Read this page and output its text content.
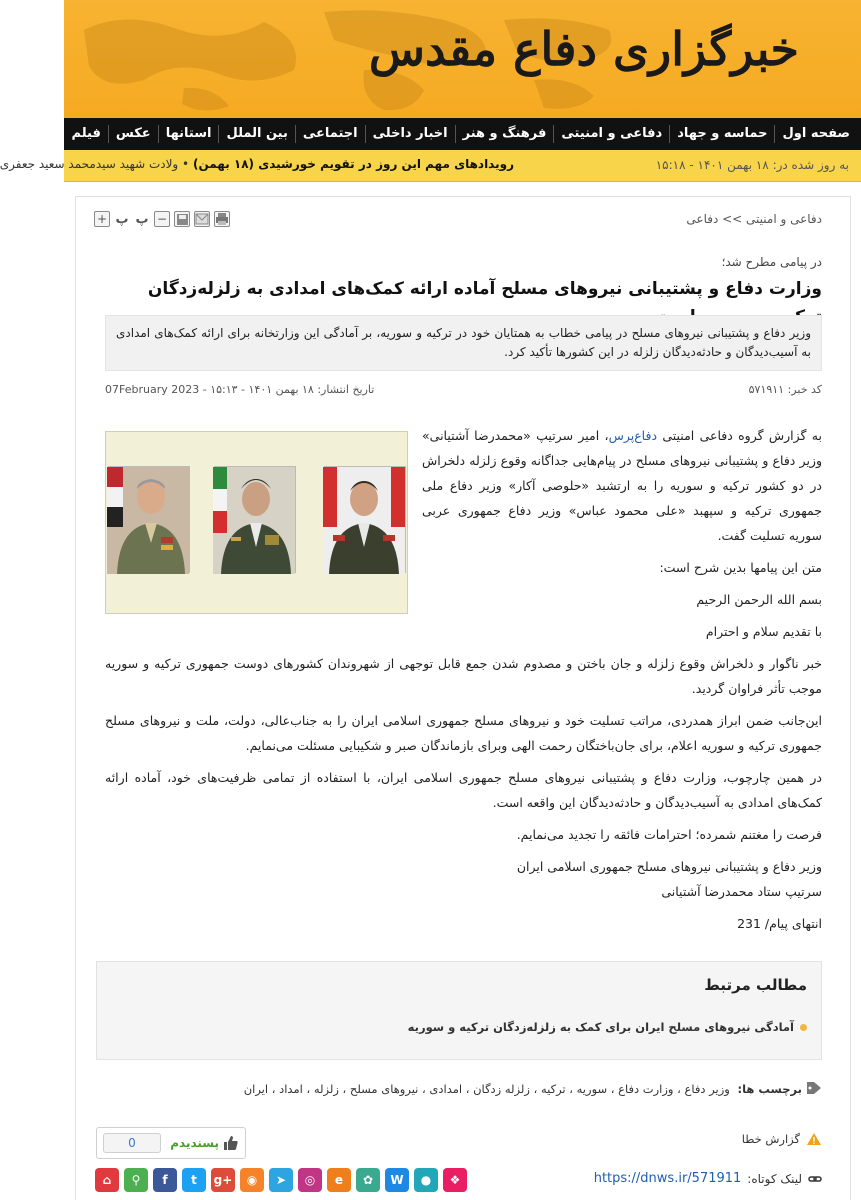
خبرگزاری دفاع مقدس
صفحه اول
حماسه و جهاد
دفاعی و امنیتی
فرهنگ و هنر
اخبار داخلی
اجتماعی
بین الملل
استانها
عکس
فیلم
به روز شده در: ۱۸ بهمن ۱۴۰۱ - ۱۵:۱۸
رویدادهای مهم این روز در تقویم خورشیدی (۱۸ بهمن) • ولادت شهید سیدمحمد سعید جعفری
دفاعی و امنیتی >> دفاعی
−
پ
پ
+
در پیامی مطرح شد؛
وزارت دفاع و پشتیبانی نیروهای مسلح آماده ارائه کمک‌های امدادی به زلزله‌زدگان
وزیر دفاع و پشتیبانی نیروهای مسلح در پیامی خطاب به همتایان خود در ترکیه و سوریه، بر آمادگی این وزارتخانه برای ارائه کمک‌های امدادی به آسیب‌دیدگان و حادثه‌دیدگان زلزله در این کشورها تأکید کرد.
کد خبر: ۵۷۱۹۱۱
تاریخ انتشار: ۱۸ بهمن ۱۴۰۱ - ۱۵:۱۳ - 07February 2023

به گزارش گروه دفاعی امنیتی دفاع‌پرس، امیر سرتیپ «محمدرضا آشتیانی» وزیر دفاع و پشتیبانی نیروهای مسلح در پیام‌هایی جداگانه وقوع زلزله دلخراش در دو کشور ترکیه و سوریه را به ارتشبد «حلوصی آکار» وزیر دفاع ملی جمهوری ترکیه و سپهبد «علی محمود عباس» وزیر دفاع جمهوری عربی سوریه تسلیت گفت.

متن این پیامها بدین شرح است:

بسم الله الرحمن الرحیم

با تقدیم سلام و احترام

خبر ناگوار و دلخراش وقوع زلزله و جان باختن و مصدوم شدن جمع قابل توجهی از شهروندان کشورهای دوست جمهوری ترکیه و سوریه موجب تأثر فراوان گردید.

این‌جانب ضمن ابراز همدردی، مراتب تسلیت خود و نیروهای مسلح جمهوری اسلامی ایران را به جناب‌عالی، دولت، ملت و نیروهای مسلح جمهوری ترکیه و سوریه اعلام، برای جان‌باختگان رحمت الهی وبرای بازماندگان صبر و شکیبایی مسئلت می‌نمایم.

در همین چارچوب، وزارت دفاع و پشتیبانی نیروهای مسلح جمهوری اسلامی ایران، با استفاده از تمامی ظرفیت‌های خود، آماده ارائه کمک‌های امدادی به آسیب‌دیدگان و حادثه‌دیدگان این واقعه است.

فرصت را مغتنم شمرده؛ احترامات فائقه را تجدید می‌نمایم.

وزیر دفاع و پشتیبانی نیروهای مسلح جمهوری اسلامی ایران

سرتیپ ستاد محمدرضا آشتیانی

انتهای پیام/ 231

مطالب مرتبط
آمادگی نیروهای مسلح ایران برای کمک به زلزله‌زدگان ترکیه و سوریه
برچسب ها: وزیر دفاع ، وزارت دفاع ، سوریه ، ترکیه ، زلزله زدگان ، امدادی ، نیروهای مسلح ، زلزله ، امداد ، ایران
گزارش خطا
پسندیدم
0
لینک کوتاه:
https://dnws.ir/571911
⌂	⚲	f	t	g+	◉	➤	◎	e	✿	W	●	❖
